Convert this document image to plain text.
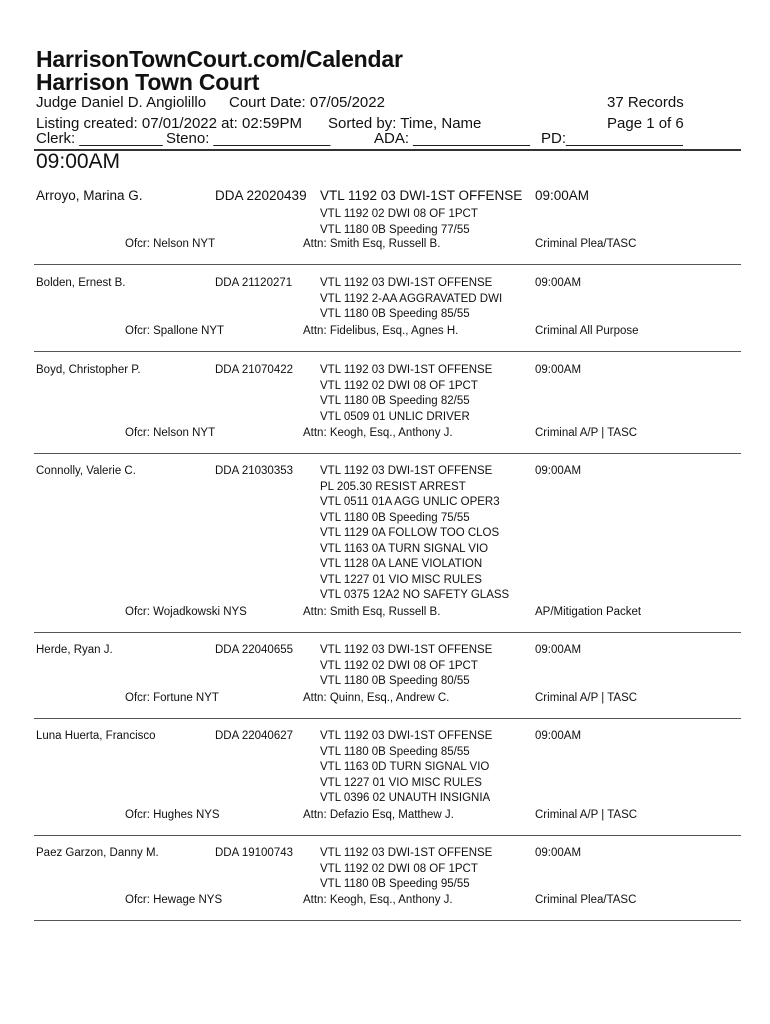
HarrisonTownCourt.com/Calendar
Harrison Town Court
Judge Daniel D. Angiolillo Court Date: 07/05/2022	37 Records
Listing created: 07/01/2022 at: 02:59PM Sorted by: Time, Name	Page 1 of 6
Clerk: __________ Steno: ______________	ADA: ______________ PD:______________
09:00AM
Arroyo, Marina G.	DDA 22020439	09:00AM
VTL 1192 03 DWI-1ST OFFENSE
VTL 1192 02 DWI 08 OF 1PCT
VTL 1180 0B Speeding 77/55
Ofcr: Nelson NYT	Attn: Smith Esq, Russell B.	Criminal Plea/TASC
Bolden, Ernest B.	DDA 21120271	09:00AM
VTL 1192 03 DWI-1ST OFFENSE
VTL 1192 2-AA AGGRAVATED DWI
VTL 1180 0B Speeding 85/55
Ofcr: Spallone NYT	Attn: Fidelibus, Esq., Agnes H.	Criminal All Purpose
Boyd, Christopher P.	DDA 21070422	09:00AM
VTL 1192 03 DWI-1ST OFFENSE
VTL 1192 02 DWI 08 OF 1PCT
VTL 1180 0B Speeding 82/55
VTL 0509 01 UNLIC DRIVER
Ofcr: Nelson NYT	Attn: Keogh, Esq., Anthony J.	Criminal A/P | TASC
Connolly, Valerie C.	DDA 21030353	09:00AM
VTL 1192 03 DWI-1ST OFFENSE
PL 205.30 RESIST ARREST
VTL 0511 01A AGG UNLIC OPER3
VTL 1180 0B Speeding 75/55
VTL 1129 0A FOLLOW TOO CLOS
VTL 1163 0A TURN SIGNAL VIO
VTL 1128 0A LANE VIOLATION
VTL 1227 01 VIO MISC RULES
VTL 0375 12A2 NO SAFETY GLASS
Ofcr: Wojadkowski NYS	Attn: Smith Esq, Russell B.	AP/Mitigation Packet
Herde, Ryan J.	DDA 22040655	09:00AM
VTL 1192 03 DWI-1ST OFFENSE
VTL 1192 02 DWI 08 OF 1PCT
VTL 1180 0B Speeding 80/55
Ofcr: Fortune NYT	Attn: Quinn, Esq., Andrew C.	Criminal A/P | TASC
Luna Huerta, Francisco	DDA 22040627	09:00AM
VTL 1192 03 DWI-1ST OFFENSE
VTL 1180 0B Speeding 85/55
VTL 1163 0D TURN SIGNAL VIO
VTL 1227 01 VIO MISC RULES
VTL 0396 02 UNAUTH INSIGNIA
Ofcr: Hughes NYS	Attn: Defazio Esq, Matthew J.	Criminal A/P | TASC
Paez Garzon, Danny M.	DDA 19100743	09:00AM
VTL 1192 03 DWI-1ST OFFENSE
VTL 1192 02 DWI 08 OF 1PCT
VTL 1180 0B Speeding 95/55
Ofcr: Hewage NYS	Attn: Keogh, Esq., Anthony J.	Criminal Plea/TASC
